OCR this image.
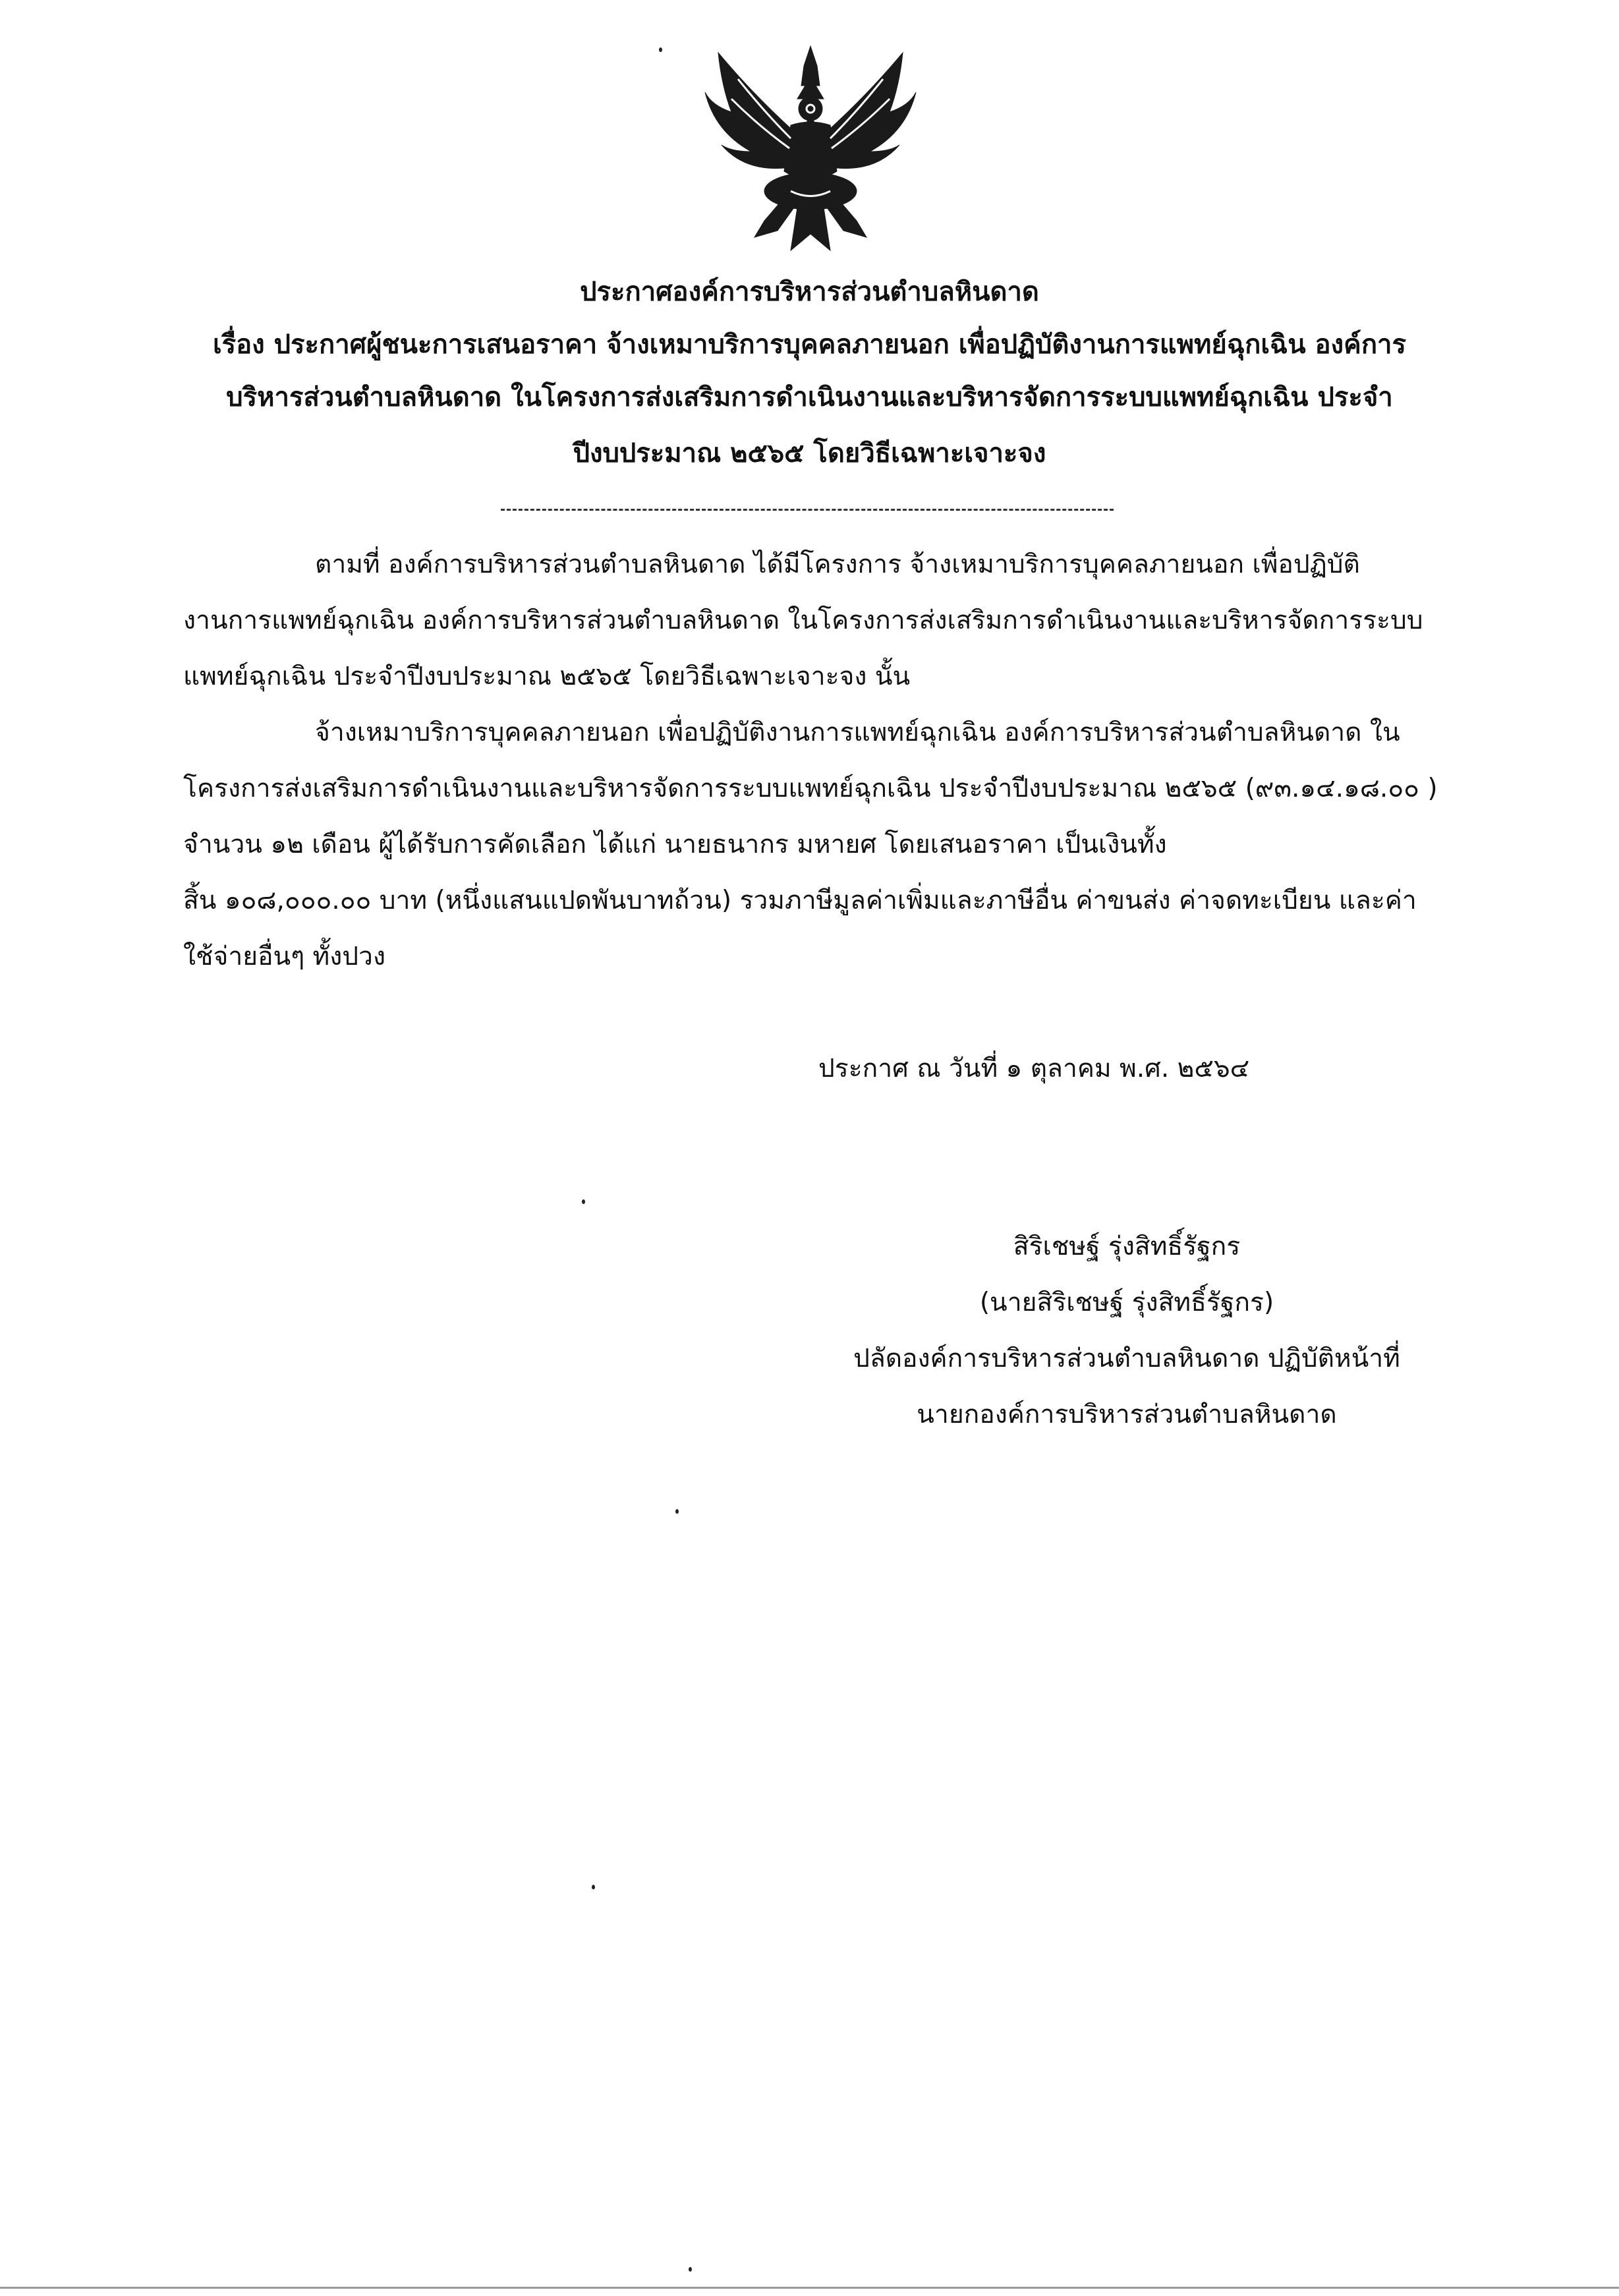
ประกาศองค์การบริหารส่วนตำบลหินดาด
เรื่อง ประกาศผู้ชนะการเสนอราคา จ้างเหมาบริการบุคคลภายนอก เพื่อปฏิบัติงานการแพทย์ฉุกเฉิน องค์การ
บริหารส่วนตำบลหินดาด ในโครงการส่งเสริมการดำเนินงานและบริหารจัดการระบบแพทย์ฉุกเฉิน ประจำ
ปีงบประมาณ ๒๕๖๕ โดยวิธีเฉพาะเจาะจง
ตามที่ องค์การบริหารส่วนตำบลหินดาด ได้มีโครงการ จ้างเหมาบริการบุคคลภายนอก เพื่อปฏิบัติ
งานการแพทย์ฉุกเฉิน องค์การบริหารส่วนตำบลหินดาด ในโครงการส่งเสริมการดำเนินงานและบริหารจัดการระบบ
แพทย์ฉุกเฉิน ประจำปีงบประมาณ ๒๕๖๕ โดยวิธีเฉพาะเจาะจง นั้น
จ้างเหมาบริการบุคคลภายนอก เพื่อปฏิบัติงานการแพทย์ฉุกเฉิน องค์การบริหารส่วนตำบลหินดาด ใน
โครงการส่งเสริมการดำเนินงานและบริหารจัดการระบบแพทย์ฉุกเฉิน ประจำปีงบประมาณ ๒๕๖๕ (๙๓.๑๔.๑๘.๐๐ )
จำนวน ๑๒ เดือน ผู้ได้รับการคัดเลือก ได้แก่ นายธนากร มหายศ โดยเสนอราคา เป็นเงินทั้ง
สิ้น ๑๐๘,๐๐๐.๐๐ บาท (หนึ่งแสนแปดพันบาทถ้วน) รวมภาษีมูลค่าเพิ่มและภาษีอื่น ค่าขนส่ง ค่าจดทะเบียน และค่า
ใช้จ่ายอื่นๆ ทั้งปวง
ประกาศ ณ วันที่ ๑ ตุลาคม พ.ศ. ๒๕๖๔
สิริเชษฐ์ รุ่งสิทธิ์รัฐกร
(นายสิริเชษฐ์ รุ่งสิทธิ์รัฐกร)
ปลัดองค์การบริหารส่วนตำบลหินดาด ปฏิบัติหน้าที่
นายกองค์การบริหารส่วนตำบลหินดาด
